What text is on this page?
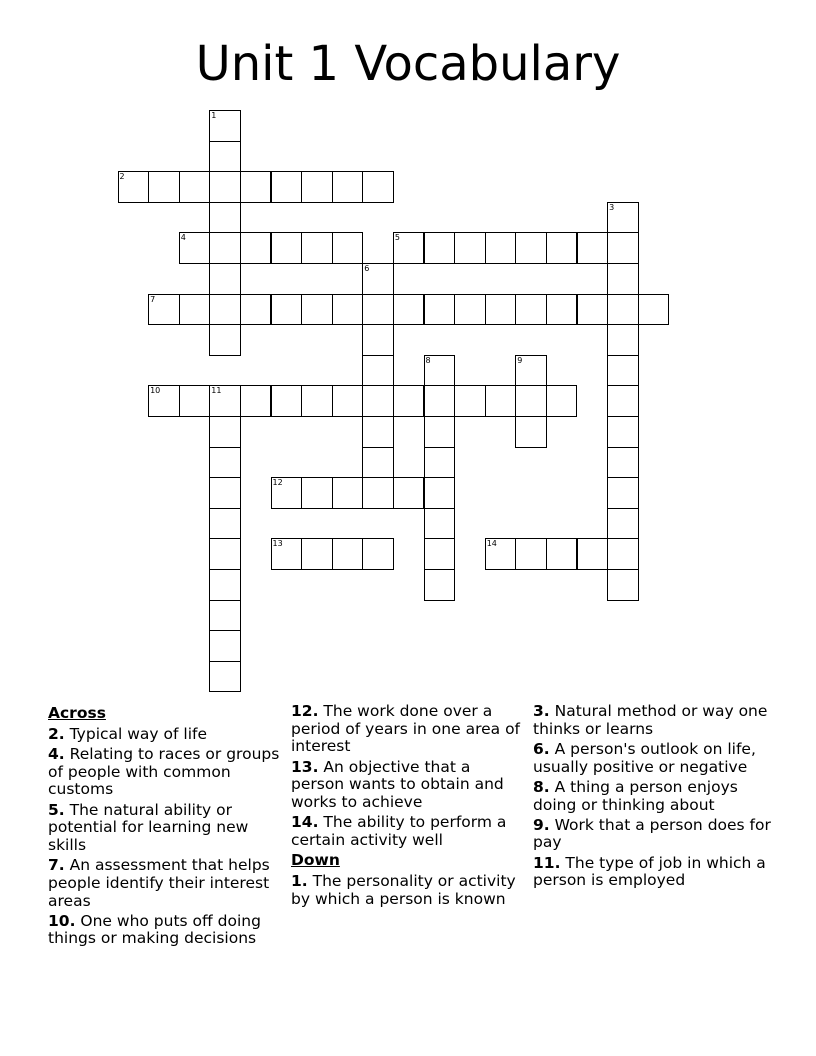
Unit 1 Vocabulary
1
2
3
4	5
6
7
8	9
10	11
12
13	14
Across
2. Typical way of life
4. Relating to races or groups of people with common customs
5. The natural ability or potential for learning new skills
7. An assessment that helps people identify their interest areas
10. One who puts off doing things or making decisions
12. The work done over a period of years in one area of interest
13. An objective that a person wants to obtain and works to achieve
14. The ability to perform a certain activity well
Down
1. The personality or activity by which a person is known
3. Natural method or way one thinks or learns
6. A person's outlook on life, usually positive or negative
8. A thing a person enjoys doing or thinking about
9. Work that a person does for pay
11. The type of job in which a person is employed
